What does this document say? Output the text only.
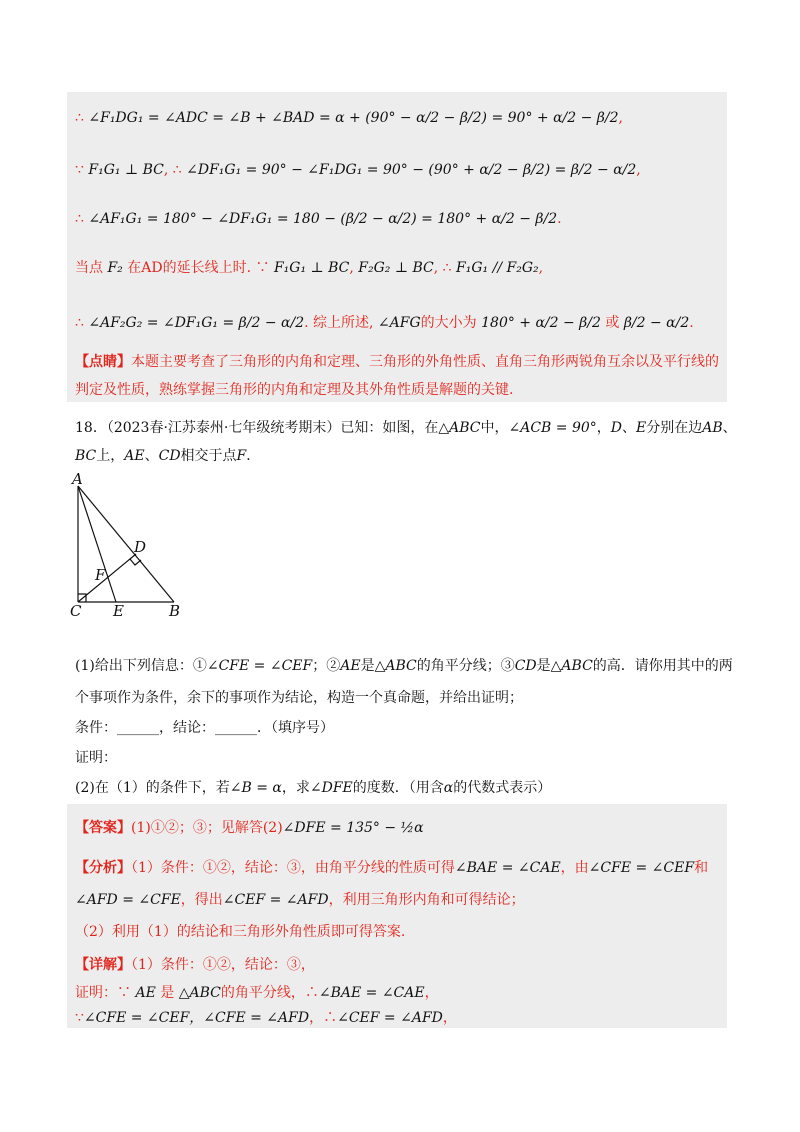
∴ ∠F₁DG₁ = ∠ADC = ∠B + ∠BAD = α + (90° − α/2 − β/2) = 90° + α/2 − β/2,
∵ F₁G₁ ⊥ BC, ∴ ∠DF₁G₁ = 90° − ∠F₁DG₁ = 90° − (90° + α/2 − β/2) = β/2 − α/2,
∴ ∠AF₁G₁ = 180° − ∠DF₁G₁ = 180 − (β/2 − α/2) = 180° + α/2 − β/2.
当点 F₂ 在AD的延长线上时. ∵ F₁G₁ ⊥ BC, F₂G₂ ⊥ BC, ∴ F₁G₁ // F₂G₂,
∴ ∠AF₂G₂ = ∠DF₁G₁ = β/2 − α/2. 综上所述, ∠AFG的大小为 180° + α/2 − β/2 或 β/2 − α/2.
【点睛】本题主要考查了三角形的内角和定理、三角形的外角性质、直角三角形两锐角互余以及平行线的
判定及性质，熟练掌握三角形的内角和定理及其外角性质是解题的关键.
18．（2023春·江苏泰州·七年级统考期末）已知：如图，在△ABC中，∠ACB = 90°，D、E分别在边AB、
BC上，AE、CD相交于点F．
A
D
F
C E	B
(1)给出下列信息：①∠CFE = ∠CEF；②AE是△ABC的角平分线；③CD是△ABC的高．请你用其中的两
个事项作为条件，余下的事项作为结论，构造一个真命题，并给出证明；
条件：______，结论：______．（填序号）
证明：
(2)在（1）的条件下，若∠B = α，求∠DFE的度数．（用含α的代数式表示）
【答案】(1)①②；③；见解答(2)∠DFE = 135° − ½α
【分析】（1）条件：①②，结论：③，由角平分线的性质可得∠BAE = ∠CAE，由∠CFE = ∠CEF和
∠AFD = ∠CFE，得出∠CEF = ∠AFD，利用三角形内角和可得结论；
（2）利用（1）的结论和三角形外角性质即可得答案.
【详解】（1）条件：①②，结论：③，
证明：∵ AE 是 △ABC的角平分线，∴∠BAE = ∠CAE，
∵∠CFE = ∠CEF，∠CFE = ∠AFD，∴∠CEF = ∠AFD，
